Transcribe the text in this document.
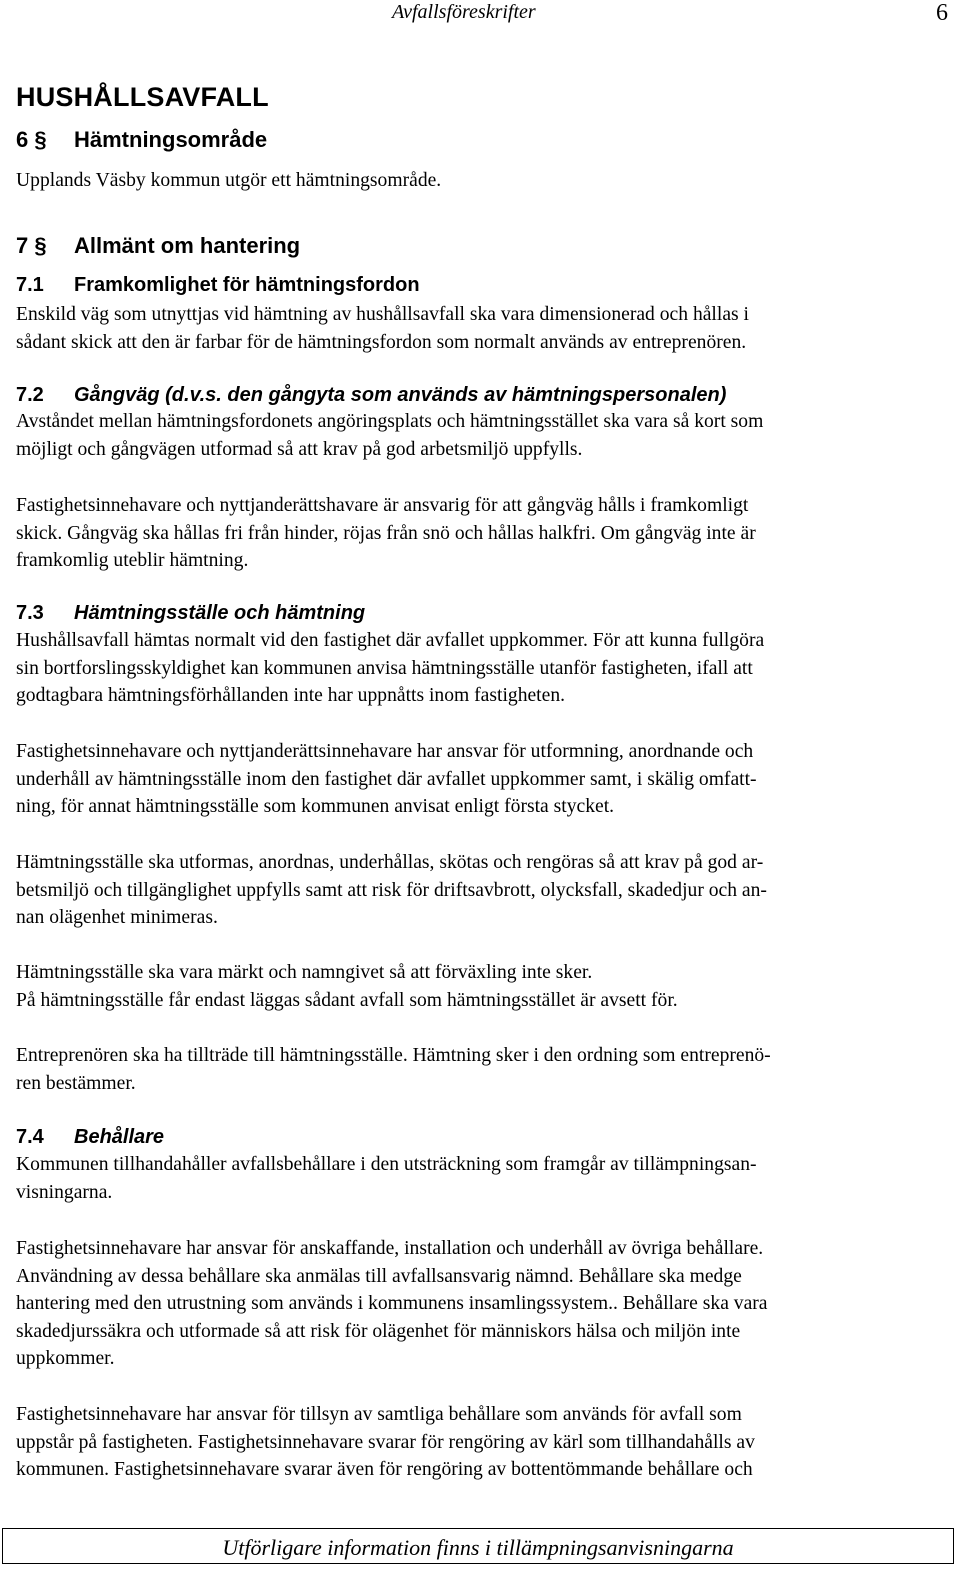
Avfallsföreskrifter	6
HUSHÅLLSAVFALL
6 § Hämtningsområde
Upplands Väsby kommun utgör ett hämtningsområde.
7 § Allmänt om hantering
7.1 Framkomlighet för hämtningsfordon
Enskild väg som utnyttjas vid hämtning av hushållsavfall ska vara dimensionerad och hållas i
sådant skick att den är farbar för de hämtningsfordon som normalt används av entreprenören.
7.2 Gångväg (d.v.s. den gångyta som används av hämtningspersonalen)
Avståndet mellan hämtningsfordonets angöringsplats och hämtningsstället ska vara så kort som
möjligt och gångvägen utformad så att krav på god arbetsmiljö uppfylls.
Fastighetsinnehavare och nyttjanderättshavare är ansvarig för att gångväg hålls i framkomligt
skick. Gångväg ska hållas fri från hinder, röjas från snö och hållas halkfri. Om gångväg inte är
framkomlig uteblir hämtning.
7.3 Hämtningsställe och hämtning
Hushållsavfall hämtas normalt vid den fastighet där avfallet uppkommer. För att kunna fullgöra
sin bortforslingsskyldighet kan kommunen anvisa hämtningsställe utanför fastigheten, ifall att
godtagbara hämtningsförhållanden inte har uppnåtts inom fastigheten.
Fastighetsinnehavare och nyttjanderättsinnehavare har ansvar för utformning, anordnande och
underhåll av hämtningsställe inom den fastighet där avfallet uppkommer samt, i skälig omfatt-
ning, för annat hämtningsställe som kommunen anvisat enligt första stycket.
Hämtningsställe ska utformas, anordnas, underhållas, skötas och rengöras så att krav på god ar-
betsmiljö och tillgänglighet uppfylls samt att risk för driftsavbrott, olycksfall, skadedjur och an-
nan olägenhet minimeras.
Hämtningsställe ska vara märkt och namngivet så att förväxling inte sker.
På hämtningsställe får endast läggas sådant avfall som hämtningsstället är avsett för.
Entreprenören ska ha tillträde till hämtningsställe. Hämtning sker i den ordning som entreprenö-
ren bestämmer.
7.4 Behållare
Kommunen tillhandahåller avfallsbehållare i den utsträckning som framgår av tillämpningsan-
visningarna.
Fastighetsinnehavare har ansvar för anskaffande, installation och underhåll av övriga behållare.
Användning av dessa behållare ska anmälas till avfallsansvarig nämnd. Behållare ska medge
hantering med den utrustning som används i kommunens insamlingssystem.. Behållare ska vara
skadedjurssäkra och utformade så att risk för olägenhet för människors hälsa och miljön inte
uppkommer.
Fastighetsinnehavare har ansvar för tillsyn av samtliga behållare som används för avfall som
uppstår på fastigheten. Fastighetsinnehavare svarar för rengöring av kärl som tillhandahålls av
kommunen. Fastighetsinnehavare svarar även för rengöring av bottentömmande behållare och
Utförligare information finns i tillämpningsanvisningarna
